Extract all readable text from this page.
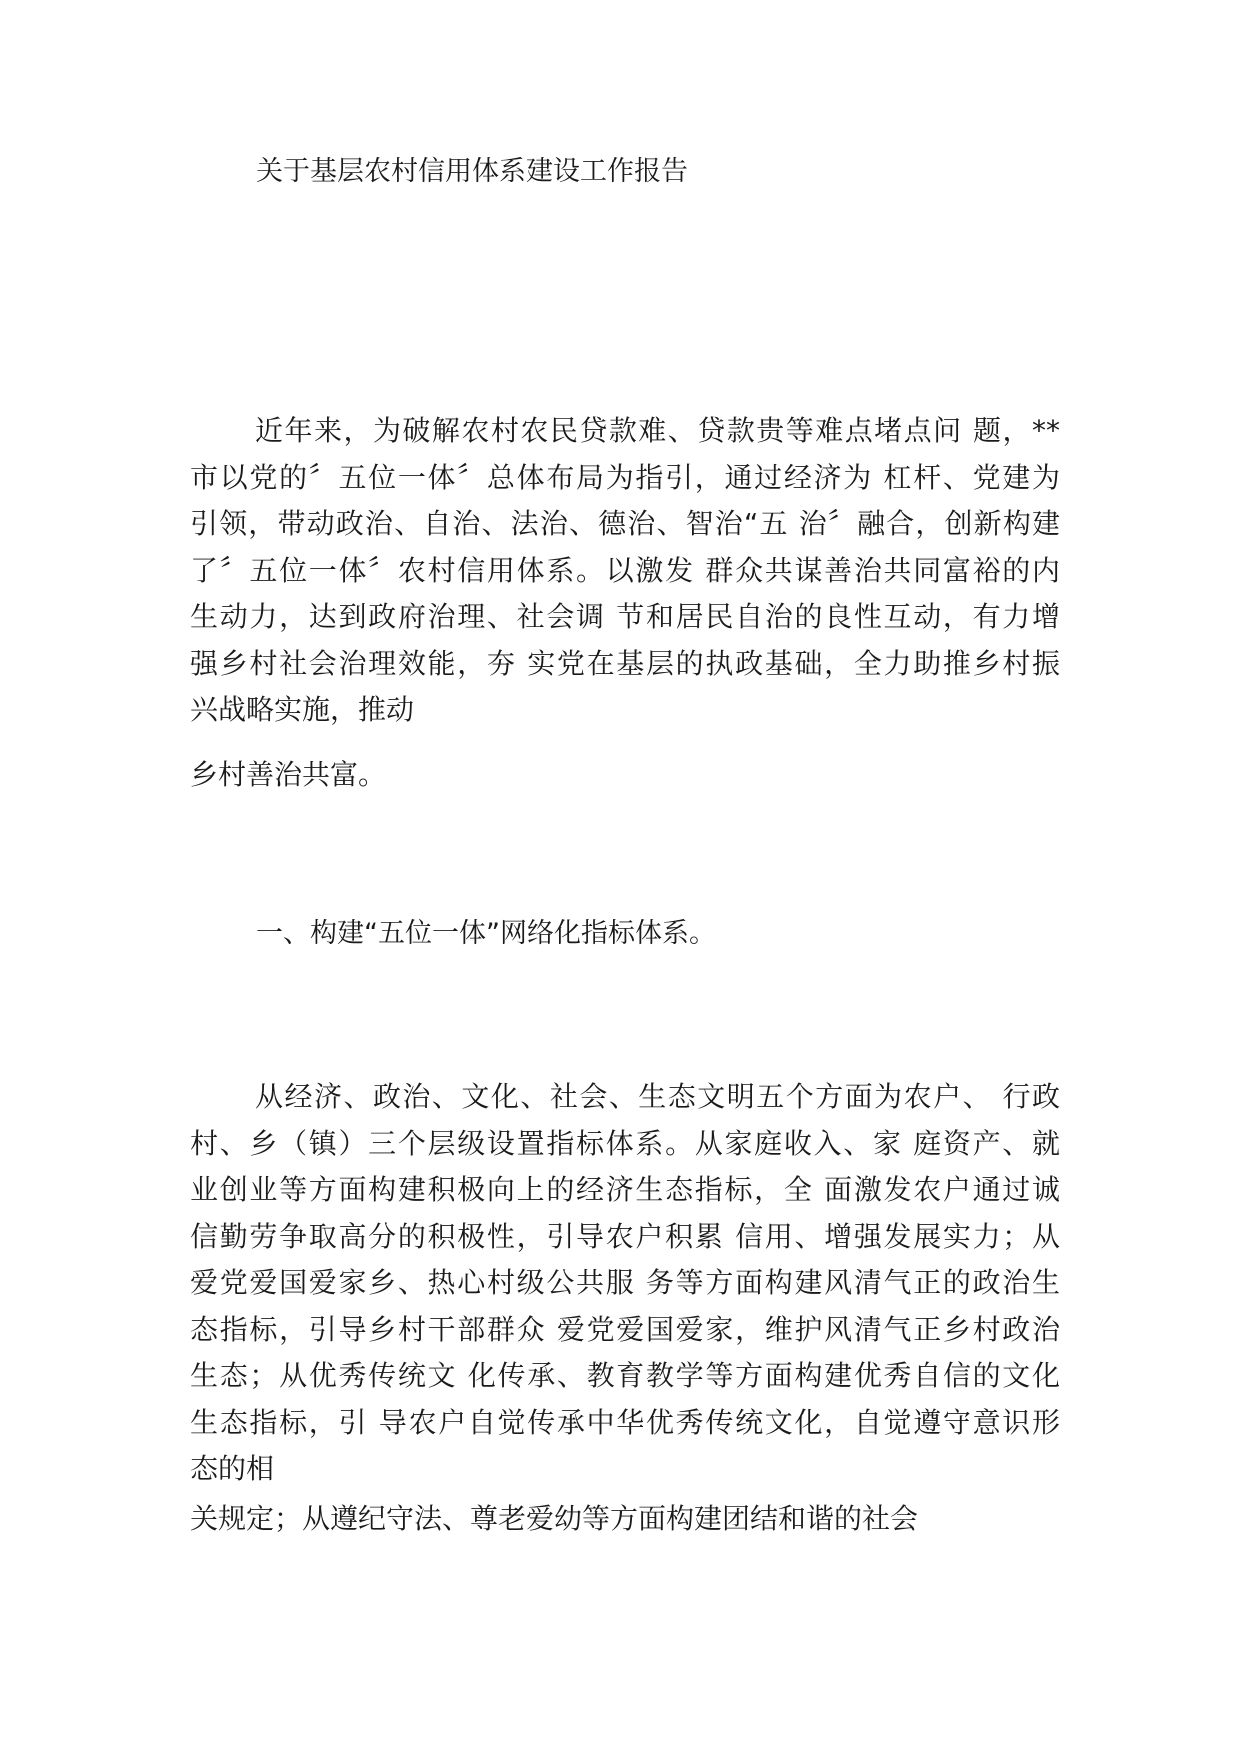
关于基层农村信用体系建设工作报告
近年来，为破解农村农民贷款难、贷款贵等难点堵点问 题，**
市以党的〞五位一体〞总体布局为指引，通过经济为 杠杆、党建为
引领，带动政治、自治、法治、德治、智治“五 治〞融合，创新构建
了〞五位一体〞农村信用体系。以激发 群众共谋善治共同富裕的内
生动力，达到政府治理、社会调 节和居民自治的良性互动，有力增
强乡村社会治理效能，夯 实党在基层的执政基础，全力助推乡村振
兴战略实施，推动
乡村善治共富。
一、构建“五位一体”网络化指标体系。
从经济、政治、文化、社会、生态文明五个方面为农户、 行政
村、乡（镇）三个层级设置指标体系。从家庭收入、家 庭资产、就
业创业等方面构建积极向上的经济生态指标，全 面激发农户通过诚
信勤劳争取高分的积极性，引导农户积累 信用、增强发展实力；从
爱党爱国爱家乡、热心村级公共服 务等方面构建风清气正的政治生
态指标，引导乡村干部群众 爱党爱国爱家，维护风清气正乡村政治
生态；从优秀传统文 化传承、教育教学等方面构建优秀自信的文化
生态指标，引 导农户自觉传承中华优秀传统文化，自觉遵守意识形
态的相
关规定；从遵纪守法、尊老爱幼等方面构建团结和谐的社会
